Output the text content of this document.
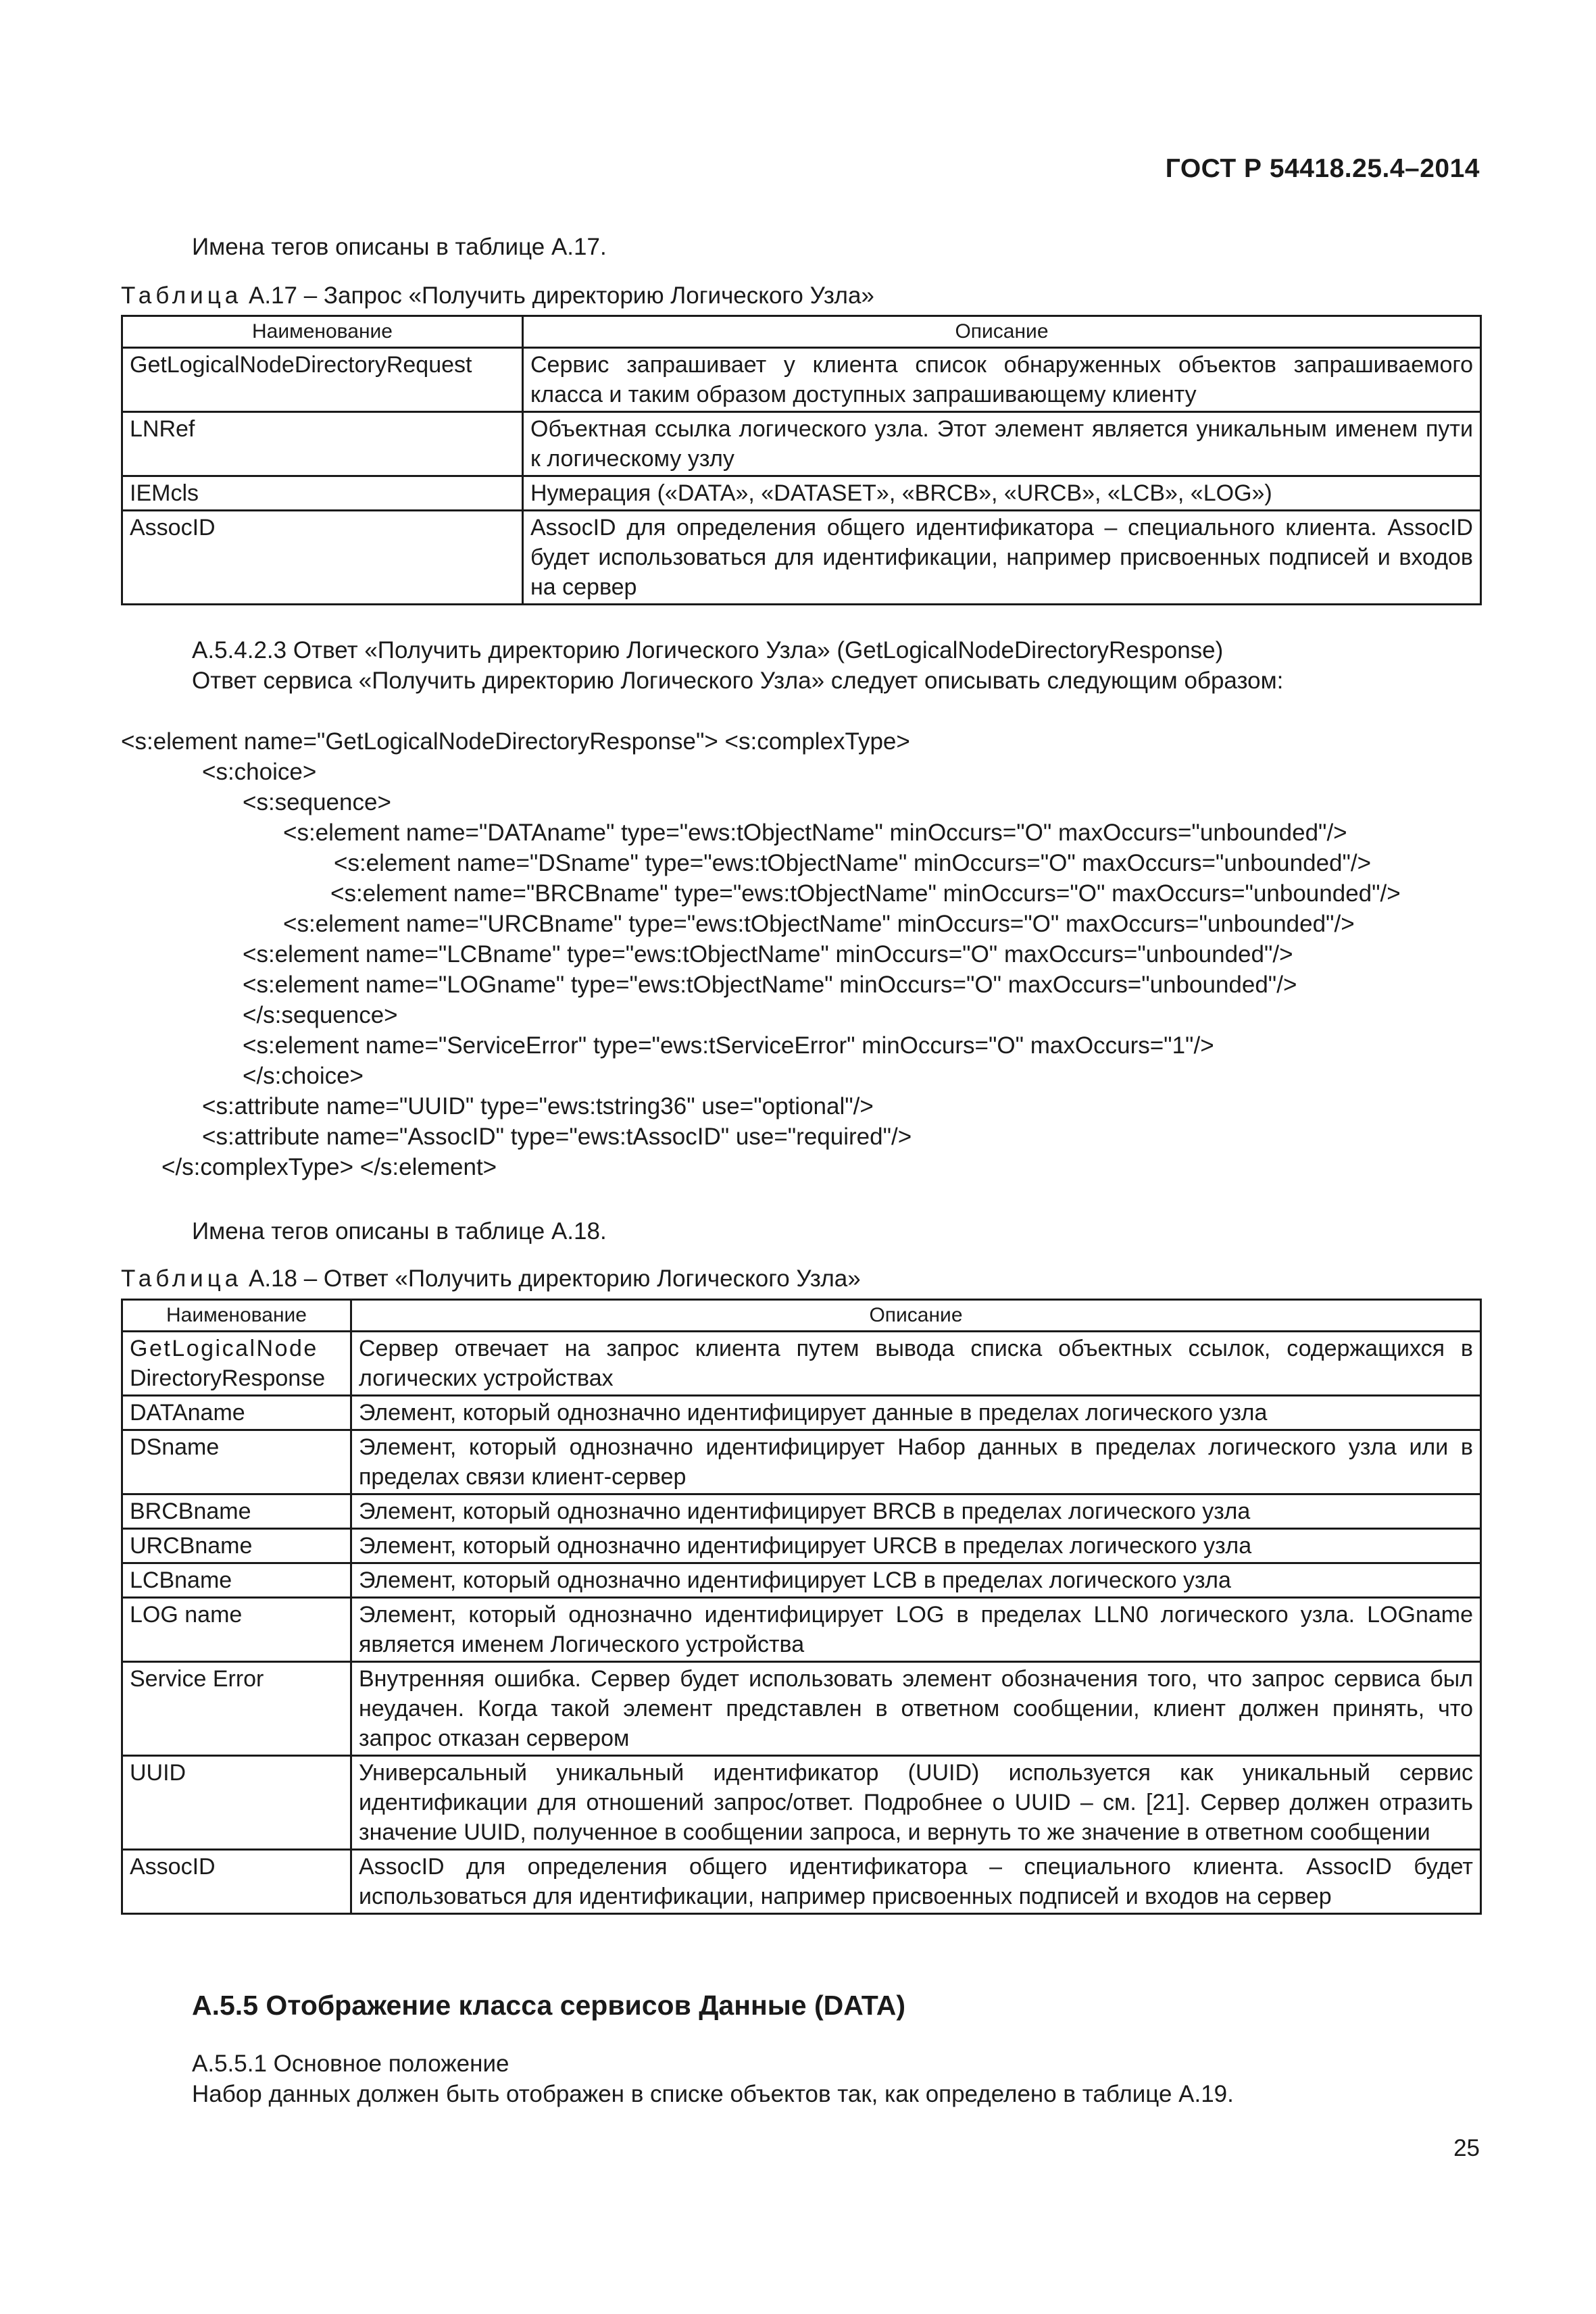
ГОСТ Р 54418.25.4–2014
Имена тегов описаны в таблице А.17.
Таблица А.17 – Запрос «Получить директорию Логического Узла»
Наименование	Описание
GetLogicalNodeDirectoryRequest	Сервис запрашивает у клиента список обнаруженных объектов запрашиваемого класса и таким образом доступных запрашивающему клиенту
LNRef	Объектная ссылка логического узла. Этот элемент является уникальным именем пути к логическому узлу
IEMcls	Нумерация («DATA», «DATASET», «BRCB», «URCB», «LCB», «LOG»)
AssocID	AssocID для определения общего идентификатора – специального клиента. AssocID будет использоваться для идентификации, например присвоенных подписей и входов на сервер
А.5.4.2.3 Ответ «Получить директорию Логического Узла» (GetLogicalNodeDirectoryResponse)
Ответ сервиса «Получить директорию Логического Узла» следует описывать следующим образом:
<s:element name="GetLogicalNodeDirectoryResponse"> <s:complexType>
<s:choice>
<s:sequence>
<s:element name="DATAname" type="ews:tObjectName" minOccurs="O" maxOccurs="unbounded"/>
<s:element name="DSname" type="ews:tObjectName" minOccurs="O" maxOccurs="unbounded"/>
<s:element name="BRCBname" type="ews:tObjectName" minOccurs="O" maxOccurs="unbounded"/>
<s:element name="URCBname" type="ews:tObjectName" minOccurs="O" maxOccurs="unbounded"/>
<s:element name="LCBname" type="ews:tObjectName" minOccurs="O" maxOccurs="unbounded"/>
<s:element name="LOGname" type="ews:tObjectName" minOccurs="O" maxOccurs="unbounded"/>
</s:sequence>
<s:element name="ServiceError" type="ews:tServiceError" minOccurs="O" maxOccurs="1"/>
</s:choice>
<s:attribute name="UUID" type="ews:tstring36" use="optional"/>
<s:attribute name="AssocID" type="ews:tAssocID" use="required"/>
</s:complexType> </s:element>
Имена тегов описаны в таблице А.18.
Таблица А.18 – Ответ «Получить директорию Логического Узла»
Наименование	Описание

GetLogicalNode
DirectoryResponse	Сервер отвечает на запрос клиента путем вывода списка объектных ссылок, содержащихся в логических устройствах
DATAname	Элемент, который однозначно идентифицирует данные в пределах логического узла
DSname	Элемент, который однозначно идентифицирует Набор данных в пределах логического узла или в пределах связи клиент-сервер
BRCBname	Элемент, который однозначно идентифицирует BRCB в пределах логического узла
URCBname	Элемент, который однозначно идентифицирует URCB в пределах логического узла
LCBname	Элемент, который однозначно идентифицирует LCB в пределах логического узла
LOG name	Элемент, который однозначно идентифицирует LOG в пределах LLN0 логического узла. LOGname является именем Логического устройства
Service Error	Внутренняя ошибка. Сервер будет использовать элемент обозначения того, что запрос сервиса был неудачен. Когда такой элемент представлен в ответном сообщении, клиент должен принять, что запрос отказан сервером
UUID	Универсальный уникальный идентификатор (UUID) используется как уникальный сервис идентификации для отношений запрос/ответ. Подробнее о UUID – см. [21]. Сервер должен отразить значение UUID, полученное в сообщении запроса, и вернуть то же значение в ответном сообщении
AssocID	AssocID для определения общего идентификатора – специального клиента. AssocID будет использоваться для идентификации, например присвоенных подписей и входов на сервер
А.5.5 Отображение класса сервисов Данные (DATA)
А.5.5.1 Основное положение
Набор данных должен быть отображен в списке объектов так, как определено в таблице А.19.
25
